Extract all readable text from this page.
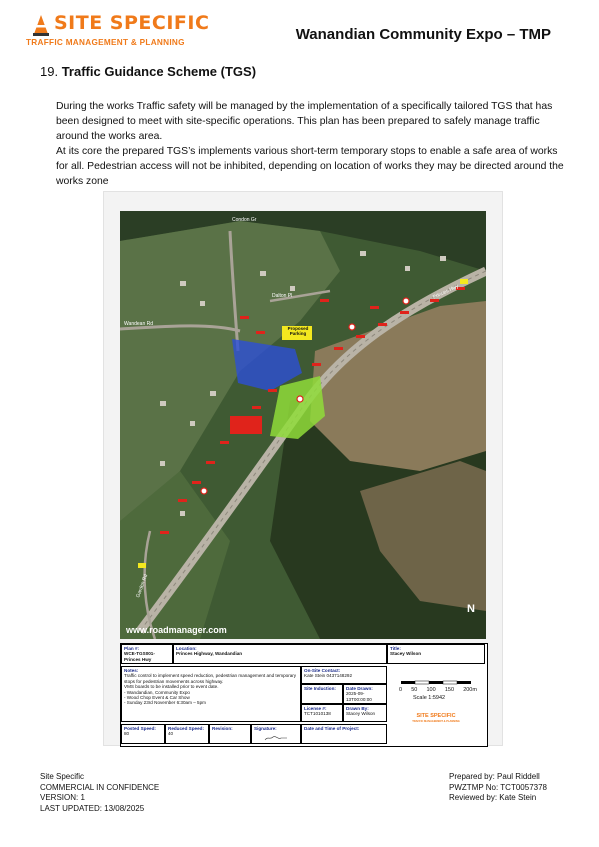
SITE SPECIFIC
TRAFFIC MANAGEMENT & PLANNING	Wanandian Community Expo – TMP
19. Traffic Guidance Scheme (TGS)

During the works Traffic safety will be managed by the implementation of a specifically tailored TGS that has been designed to meet with site-specific operations. This plan has been prepared to safely manage traffic around the works area.

At its core the prepared TGS’s implements various short-term temporary stops to enable a safe area of works for all. Pedestrian access will not be inhibited, depending on location of works they may be directed around the works zone

Proposed
Parking
Wandean Rd
Condon Gr
Dalton Pl	Princes Hwy
Garden Rd
www.roadmanager.com
N
Plan #:
WCE-TGS001-
Princes Hwy
Location:
Princes Highway, Wandandian
Title:
Stacey Wilson
Notes:
Traffic control to implement speed reduction, pedestrian management and temporary stops for pedestrian movements across highway.
VMS boards to be installed prior to event date.
- Wandandian, Community Expo
- Wood Chop Event & Car Show
- Sunday 23rd November 6:30am – 5pm
On-Site Contact:
Kate Stein 0437148292
Site Induction:	Date Drawn:
2025-09-
13T00:00:00
License #:
TCT1010138
Drawn By:
Stacey Wilson
0 50 100 150 200m
Scale 1:5942
SITE SPECIFIC
TRAFFIC MANAGEMENT & PLANNING
Posted Speed:
80
Reduced Speed:
40
Revision:	Signature:	Date and Time of Project:
Site Specific
COMMERCIAL IN CONFIDENCE
VERSION: 1
LAST UPDATED: 13/08/2025
Prepared by: Paul Riddell
PWZTMP No: TCT0057378
Reviewed by: Kate Stein
